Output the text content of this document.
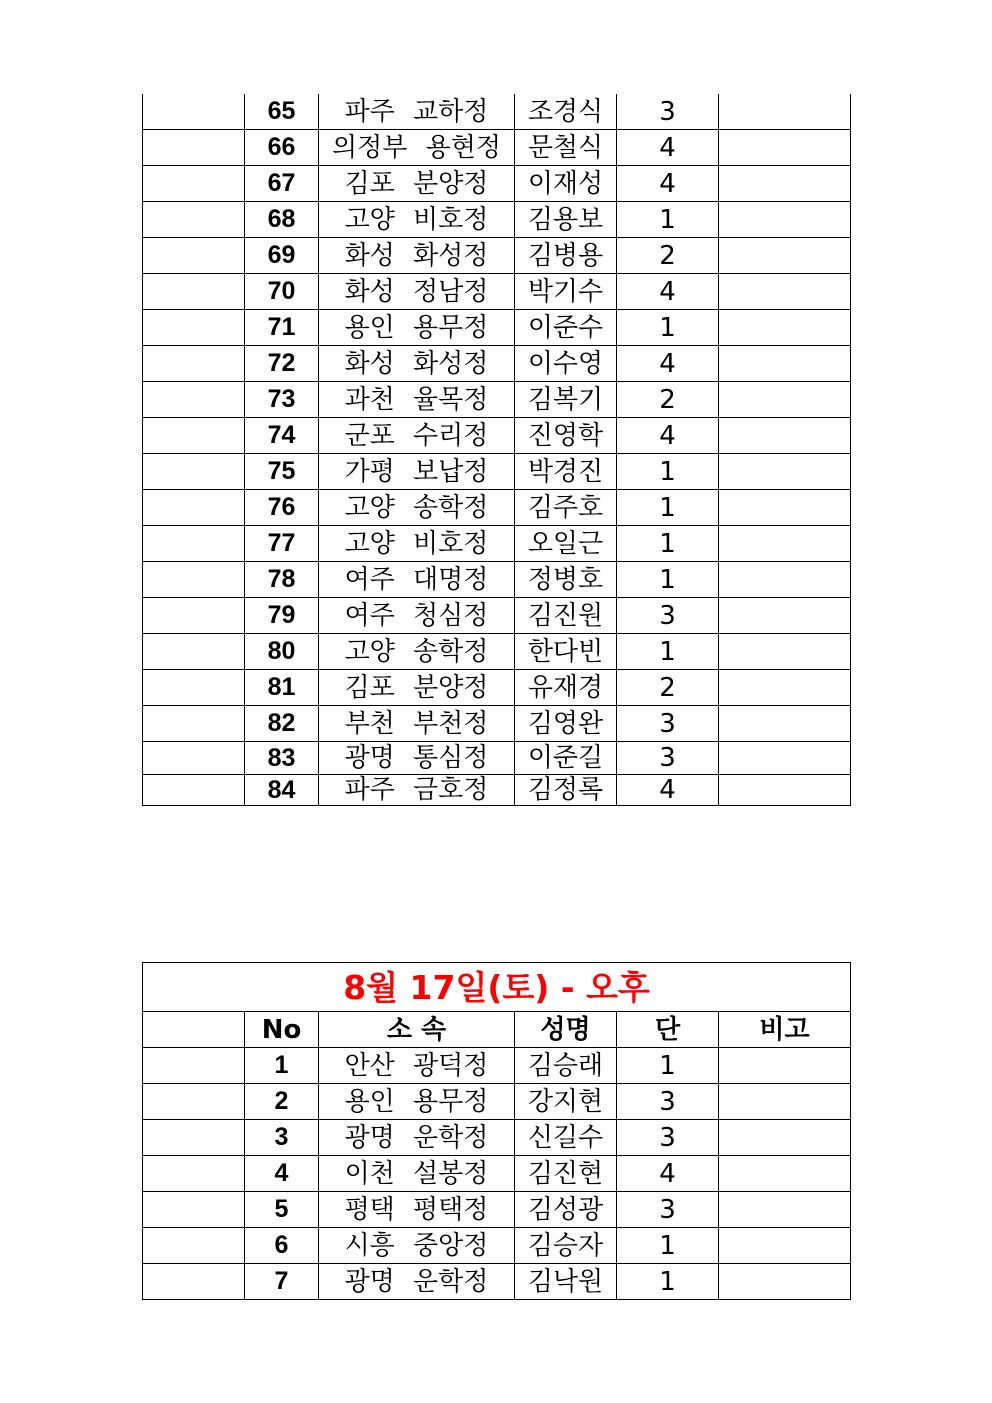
	65	파주 교하정	조경식	3	
	66	의정부 용현정	문철식	4	
	67	김포 분양정	이재성	4	
	68	고양 비호정	김용보	1	
	69	화성 화성정	김병용	2	
	70	화성 정남정	박기수	4	
	71	용인 용무정	이준수	1	
	72	화성 화성정	이수영	4	
	73	과천 율목정	김복기	2	
	74	군포 수리정	진영학	4	
	75	가평 보납정	박경진	1	
	76	고양 송학정	김주호	1	
	77	고양 비호정	오일근	1	
	78	여주 대명정	정병호	1	
	79	여주 청심정	김진원	3	
	80	고양 송학정	한다빈	1	
	81	김포 분양정	유재경	2	
	82	부천 부천정	김영완	3	
	83	광명 통심정	이준길	3	
	84	파주 금호정	김정록	4	
8월 17일(토) - 오후					
	No	소 속	성명	단	비고
	1	안산 광덕정	김승래	1	
	2	용인 용무정	강지현	3	
	3	광명 운학정	신길수	3	
	4	이천 설봉정	김진현	4	
	5	평택 평택정	김성광	3	
	6	시흥 중앙정	김승자	1	
	7	광명 운학정	김낙원	1	
